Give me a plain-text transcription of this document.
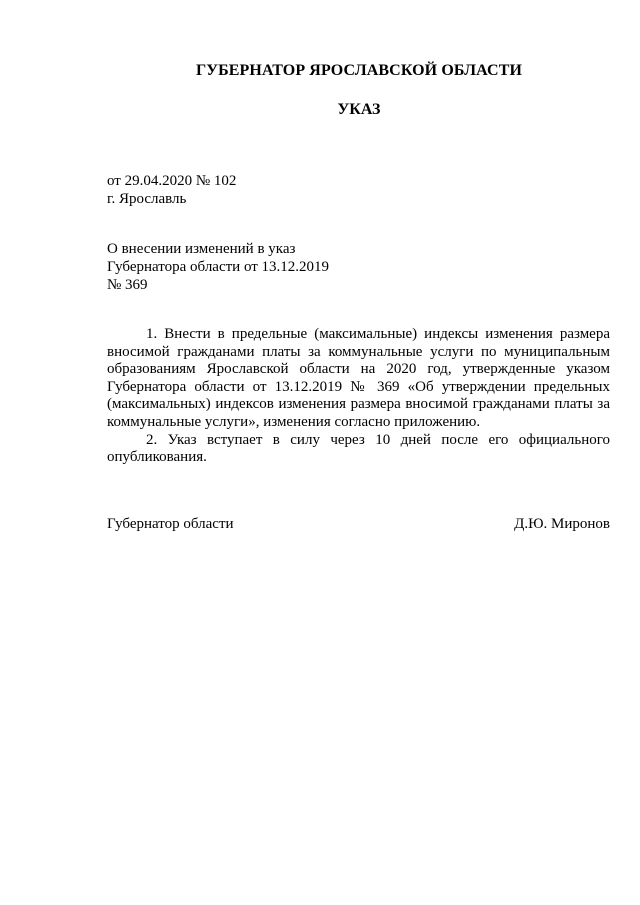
ГУБЕРНАТОР ЯРОСЛАВСКОЙ ОБЛАСТИ
УКАЗ
от 29.04.2020 № 102
г. Ярославль
О внесении изменений в указ
Губернатора области от 13.12.2019
№ 369

1. Внести в предельные (максимальные) индексы изменения размера вносимой гражданами платы за коммунальные услуги по муниципальным образованиям Ярославской области на 2020 год, утвержденные указом Губернатора области от 13.12.2019 № 369 «Об утверждении предельных (максимальных) индексов изменения размера вносимой гражданами платы за коммунальные услуги», изменения согласно приложению.

2. Указ вступает в силу через 10 дней после его официального опубликования.

Губернатор области	Д.Ю. Миронов
